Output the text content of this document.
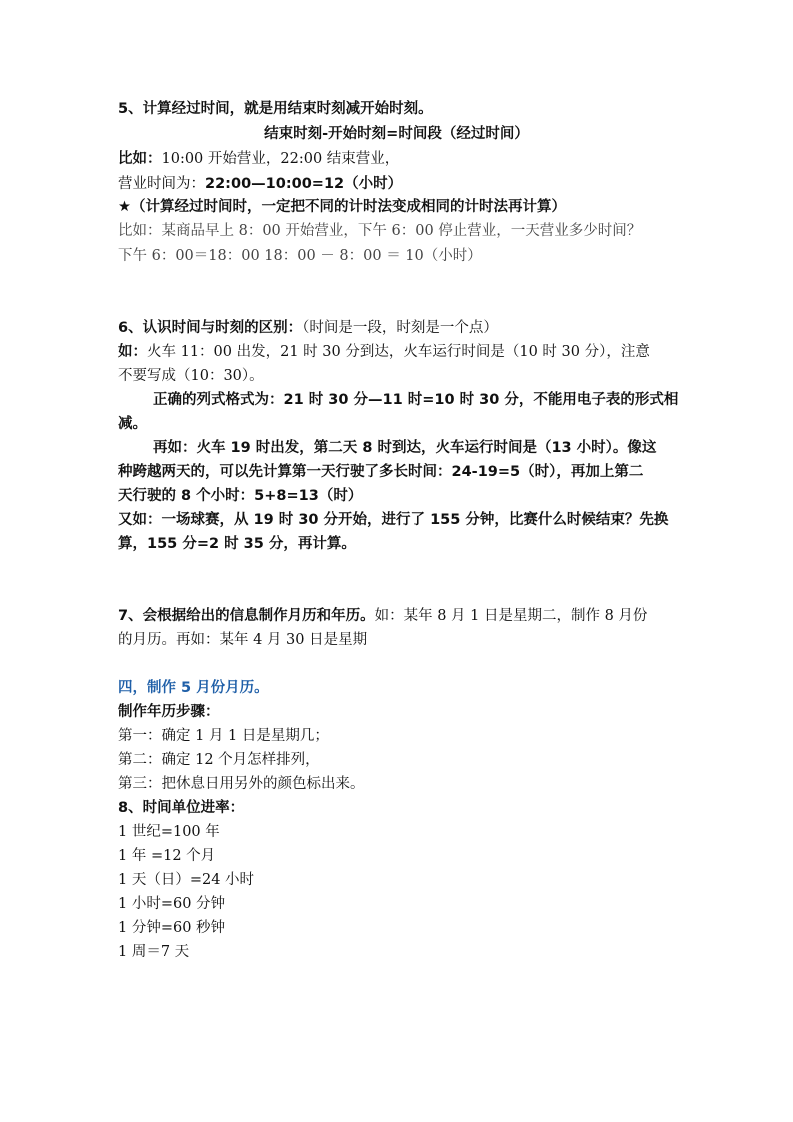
5、计算经过时间，就是用结束时刻减开始时刻。
结束时刻-开始时刻=时间段（经过时间）
比如：10:00 开始营业，22:00 结束营业，
营业时间为：22:00—10:00=12（小时）
★（计算经过时间时，一定把不同的计时法变成相同的计时法再计算）
比如：某商品早上 8：00 开始营业，下午 6：00 停止营业，一天营业多少时间？
下午 6：00＝18：00 18：00 － 8：00 ＝ 10（小时）
6、认识时间与时刻的区别：（时间是一段，时刻是一个点）
如：火车 11：00 出发，21 时 30 分到达，火车运行时间是（10 时 30 分），注意
不要写成（10：30）。
正确的列式格式为：21 时 30 分—11 时=10 时 30 分，不能用电子表的形式相
减。
再如：火车 19 时出发，第二天 8 时到达，火车运行时间是（13 小时）。像这
种跨越两天的，可以先计算第一天行驶了多长时间：24-19=5（时），再加上第二
天行驶的 8 个小时：5+8=13（时）
又如：一场球赛，从 19 时 30 分开始，进行了 155 分钟，比赛什么时候结束？先换
算，155 分=2 时 35 分，再计算。
7、会根据给出的信息制作月历和年历。如：某年 8 月 1 日是星期二，制作 8 月份
的月历。再如：某年 4 月 30 日是星期
四，制作 5 月份月历。
制作年历步骤：
第一：确定 1 月 1 日是星期几；
第二：确定 12 个月怎样排列，
第三：把休息日用另外的颜色标出来。
8、时间单位进率：
1 世纪=100 年
1 年 =12 个月
1 天（日）=24 小时
1 小时=60 分钟
1 分钟=60 秒钟
1 周＝7 天
